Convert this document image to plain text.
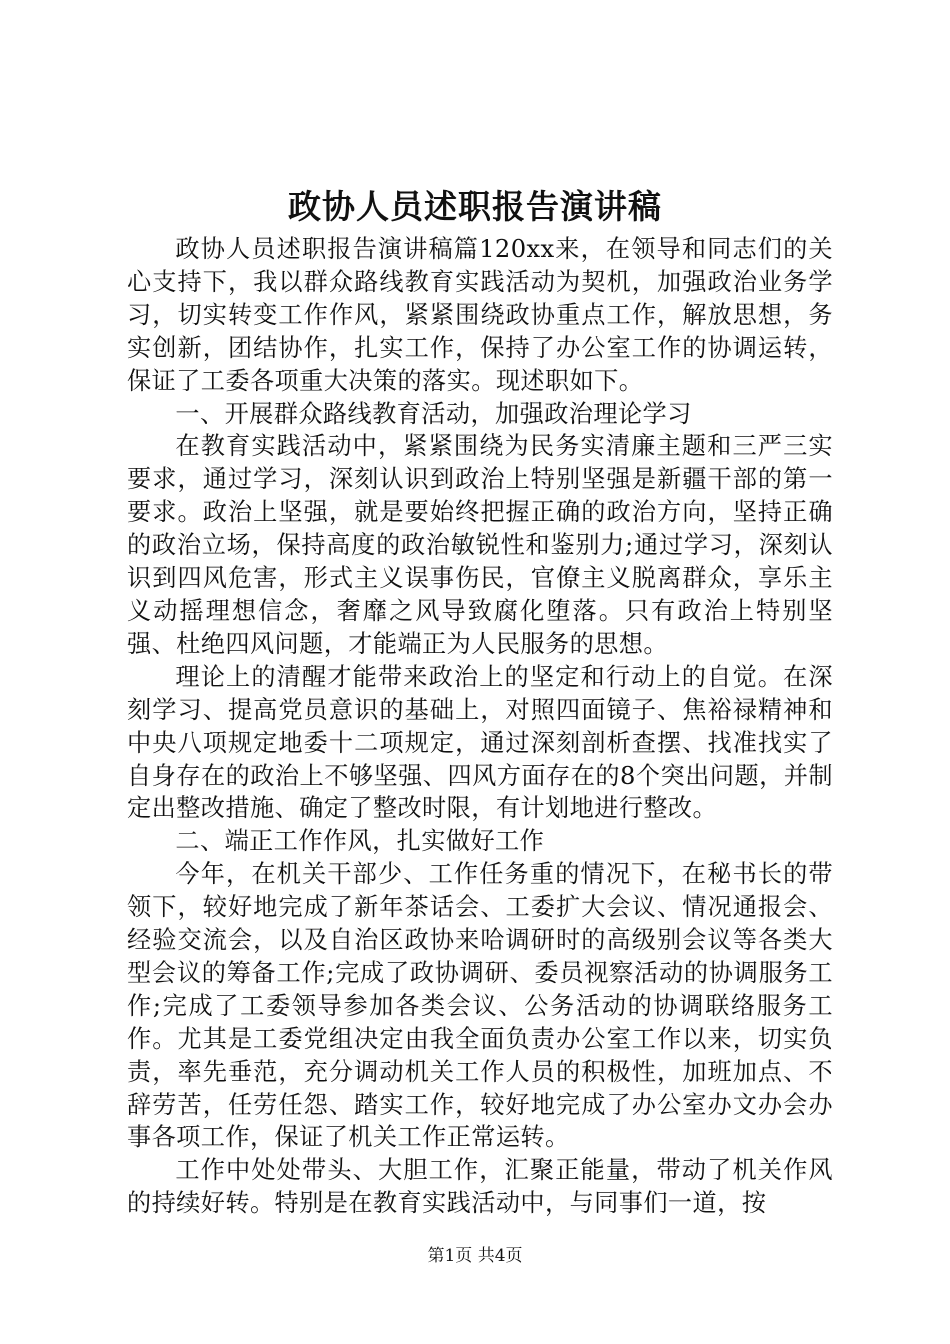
政协人员述职报告演讲稿

政协人员述职报告演讲稿篇120xx来，在领导和同志们的关心支持下，我以群众路线教育实践活动为契机，加强政治业务学习，切实转变工作作风，紧紧围绕政协重点工作，解放思想，务实创新，团结协作，扎实工作，保持了办公室工作的协调运转，保证了工委各项重大决策的落实。现述职如下。

一、开展群众路线教育活动，加强政治理论学习

在教育实践活动中，紧紧围绕为民务实清廉主题和三严三实要求，通过学习，深刻认识到政治上特别坚强是新疆干部的第一要求。政治上坚强，就是要始终把握正确的政治方向，坚持正确的政治立场，保持高度的政治敏锐性和鉴别力;通过学习，深刻认识到四风危害，形式主义误事伤民，官僚主义脱离群众，享乐主义动摇理想信念，奢靡之风导致腐化堕落。只有政治上特别坚强、杜绝四风问题，才能端正为人民服务的思想。

理论上的清醒才能带来政治上的坚定和行动上的自觉。在深刻学习、提高党员意识的基础上，对照四面镜子、焦裕禄精神和中央八项规定地委十二项规定，通过深刻剖析查摆、找准找实了自身存在的政治上不够坚强、四风方面存在的8个突出问题，并制定出整改措施、确定了整改时限，有计划地进行整改。

二、端正工作作风，扎实做好工作

今年，在机关干部少、工作任务重的情况下，在秘书长的带领下，较好地完成了新年茶话会、工委扩大会议、情况通报会、经验交流会，以及自治区政协来哈调研时的高级别会议等各类大型会议的筹备工作;完成了政协调研、委员视察活动的协调服务工作;完成了工委领导参加各类会议、公务活动的协调联络服务工作。尤其是工委党组决定由我全面负责办公室工作以来，切实负责，率先垂范，充分调动机关工作人员的积极性，加班加点、不辞劳苦，任劳任怨、踏实工作，较好地完成了办公室办文办会办事各项工作，保证了机关工作正常运转。

工作中处处带头、大胆工作，汇聚正能量，带动了机关作风的持续好转。特别是在教育实践活动中，与同事们一道，按

第1页 共4页
